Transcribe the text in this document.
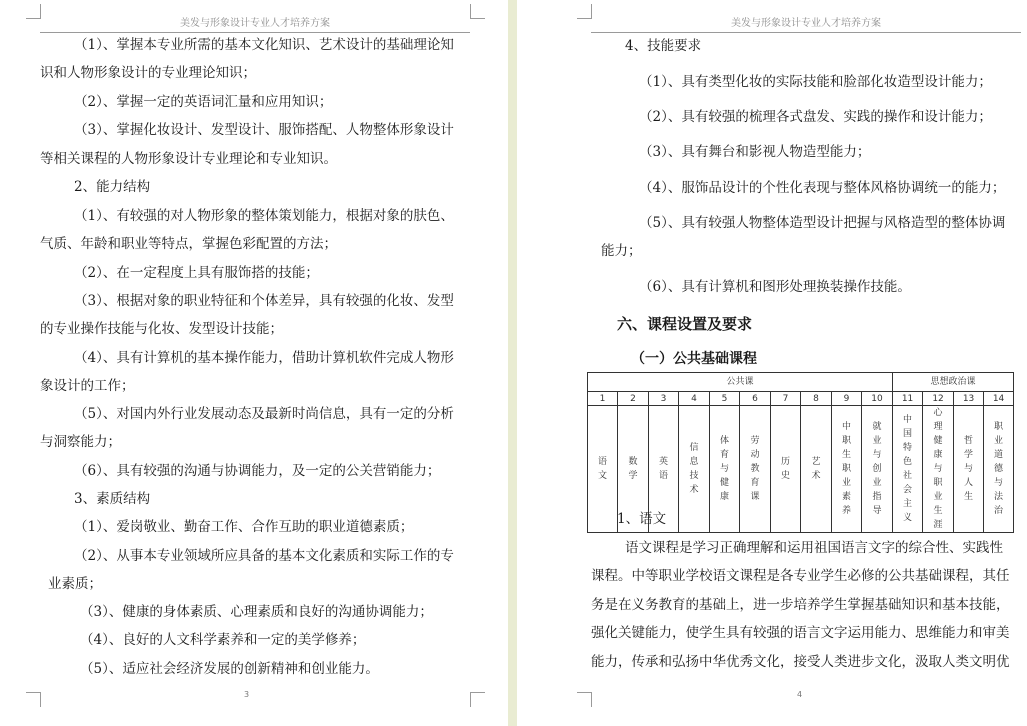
美发与形象设计专业人才培养方案
（1）、掌握本专业所需的基本文化知识、艺术设计的基础理论知
识和人物形象设计的专业理论知识；
（2）、掌握一定的英语词汇量和应用知识；
（3）、掌握化妆设计、发型设计、服饰搭配、人物整体形象设计
等相关课程的人物形象设计专业理论和专业知识。
2、能力结构
（1）、有较强的对人物形象的整体策划能力，根据对象的肤色、
气质、年龄和职业等特点，掌握色彩配置的方法；
（2）、在一定程度上具有服饰搭的技能；
（3）、根据对象的职业特征和个体差异，具有较强的化妆、发型
的专业操作技能与化妆、发型设计技能；
（4）、具有计算机的基本操作能力，借助计算机软件完成人物形
象设计的工作；
（5）、对国内外行业发展动态及最新时尚信息，具有一定的分析
与洞察能力；
（6）、具有较强的沟通与协调能力，及一定的公关营销能力；
3、素质结构
（1）、爱岗敬业、勤奋工作、合作互助的职业道德素质；
（2）、从事本专业领域所应具备的基本文化素质和实际工作的专
业素质；
（3）、健康的身体素质、心理素质和良好的沟通协调能力；
（4）、良好的人文科学素养和一定的美学修养；
（5）、适应社会经济发展的创新精神和创业能力。
3
美发与形象设计专业人才培养方案
4、技能要求
（1）、具有类型化妆的实际技能和脸部化妆造型设计能力；
（2）、具有较强的梳理各式盘发、实践的操作和设计能力；
（3）、具有舞台和影视人物造型能力；
（4）、服饰品设计的个性化表现与整体风格协调统一的能力；
（5）、具有较强人物整体造型设计把握与风格造型的整体协调
能力；
（6）、具有计算机和图形处理换装操作技能。
六、课程设置及要求
（一）公共基础课程
公共课										思想政治课			
1	2	3	4	5	6	7	8	9	10	11	12	13	14
语文	数学	英语	信息技术	体育与健康	劳动教育课	历史	艺术	中职生职业素养	就业与创业指导	中国特色社会主义	心理健康与职业生涯	哲学与人生	职业道德与法治
1、语文
语文课程是学习正确理解和运用祖国语言文字的综合性、实践性
课程。中等职业学校语文课程是各专业学生必修的公共基础课程，其任
务是在义务教育的基础上，进一步培养学生掌握基础知识和基本技能，
强化关键能力，使学生具有较强的语言文字运用能力、思维能力和审美
能力，传承和弘扬中华优秀文化，接受人类进步文化，汲取人类文明优
4
